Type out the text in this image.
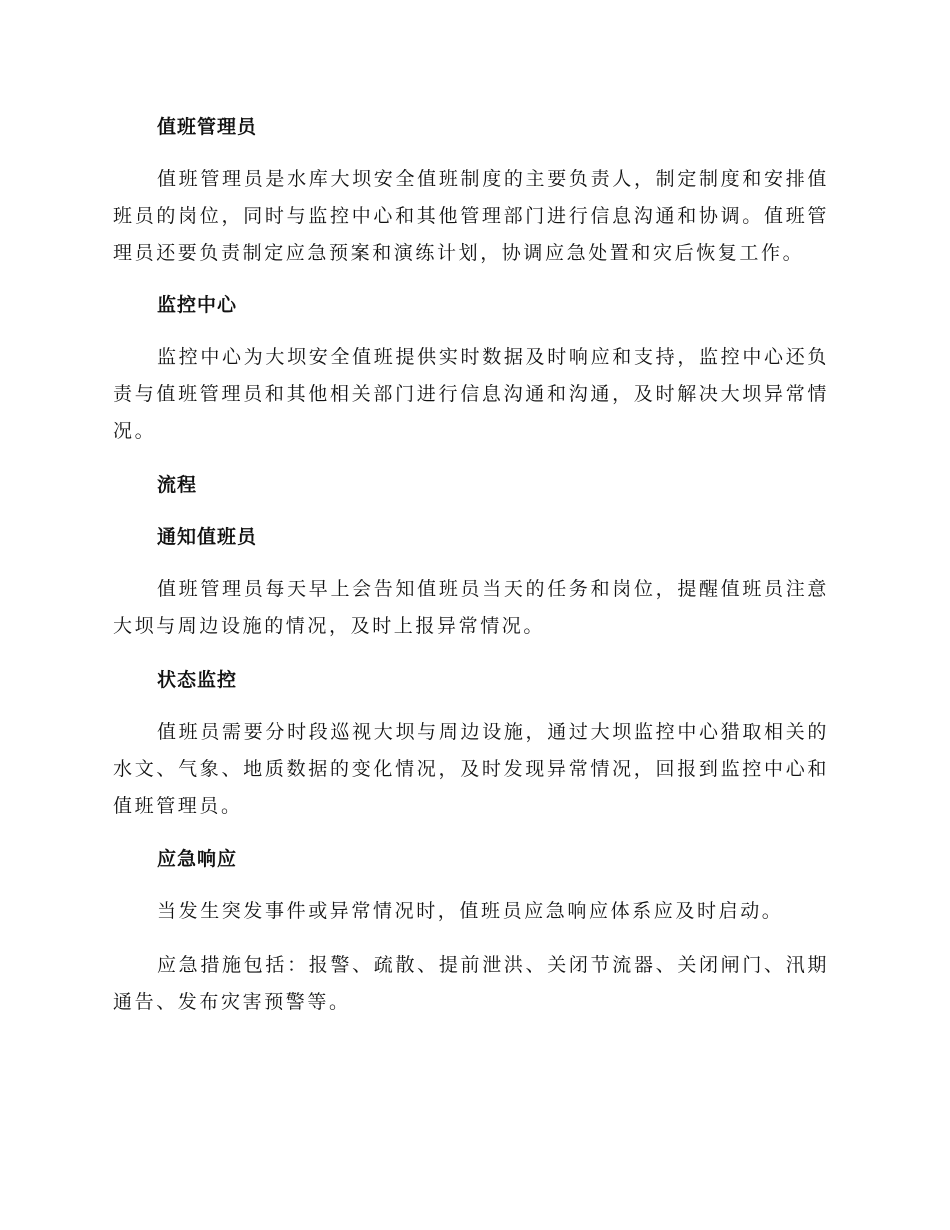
值班管理员

值班管理员是水库大坝安全值班制度的主要负责人，制定制度和安排值班员的岗位，同时与监控中心和其他管理部门进行信息沟通和协调。值班管理员还要负责制定应急预案和演练计划，协调应急处置和灾后恢复工作。

监控中心

监控中心为大坝安全值班提供实时数据及时响应和支持，监控中心还负责与值班管理员和其他相关部门进行信息沟通和沟通，及时解决大坝异常情况。

流程
通知值班员

值班管理员每天早上会告知值班员当天的任务和岗位，提醒值班员注意大坝与周边设施的情况，及时上报异常情况。

状态监控

值班员需要分时段巡视大坝与周边设施，通过大坝监控中心猎取相关的水文、气象、地质数据的变化情况，及时发现异常情况，回报到监控中心和值班管理员。

应急响应

当发生突发事件或异常情况时，值班员应急响应体系应及时启动。

应急措施包括：报警、疏散、提前泄洪、关闭节流器、关闭闸门、汛期通告、发布灾害预警等。
